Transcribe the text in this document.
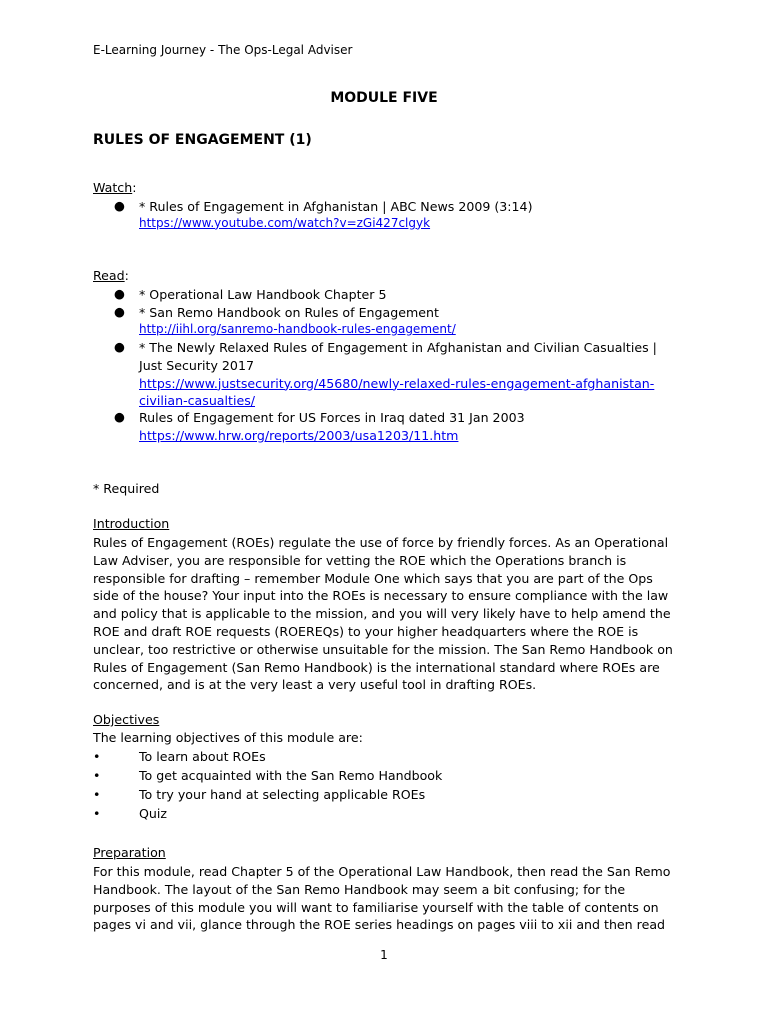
E-Learning Journey - The Ops-Legal Adviser
MODULE FIVE
RULES OF ENGAGEMENT (1)
Watch:
● * Rules of Engagement in Afghanistan | ABC News 2009 (3:14)
https://www.youtube.com/watch?v=zGi427clgyk
Read:
● * Operational Law Handbook Chapter 5
● * San Remo Handbook on Rules of Engagement
http://iihl.org/sanremo-handbook-rules-engagement/
● * The Newly Relaxed Rules of Engagement in Afghanistan and Civilian Casualties |
Just Security 2017
https://www.justsecurity.org/45680/newly-relaxed-rules-engagement-afghanistan-
civilian-casualties/
● Rules of Engagement for US Forces in Iraq dated 31 Jan 2003
https://www.hrw.org/reports/2003/usa1203/11.htm
* Required
Introduction
Rules of Engagement (ROEs) regulate the use of force by friendly forces. As an Operational
Law Adviser, you are responsible for vetting the ROE which the Operations branch is
responsible for drafting – remember Module One which says that you are part of the Ops
side of the house? Your input into the ROEs is necessary to ensure compliance with the law
and policy that is applicable to the mission, and you will very likely have to help amend the
ROE and draft ROE requests (ROEREQs) to your higher headquarters where the ROE is
unclear, too restrictive or otherwise unsuitable for the mission. The San Remo Handbook on
Rules of Engagement (San Remo Handbook) is the international standard where ROEs are
concerned, and is at the very least a very useful tool in drafting ROEs.
Objectives
The learning objectives of this module are:
•	To learn about ROEs
•	To get acquainted with the San Remo Handbook
•	To try your hand at selecting applicable ROEs
•	Quiz
Preparation
For this module, read Chapter 5 of the Operational Law Handbook, then read the San Remo
Handbook. The layout of the San Remo Handbook may seem a bit confusing; for the
purposes of this module you will want to familiarise yourself with the table of contents on
pages vi and vii, glance through the ROE series headings on pages viii to xii and then read
1
